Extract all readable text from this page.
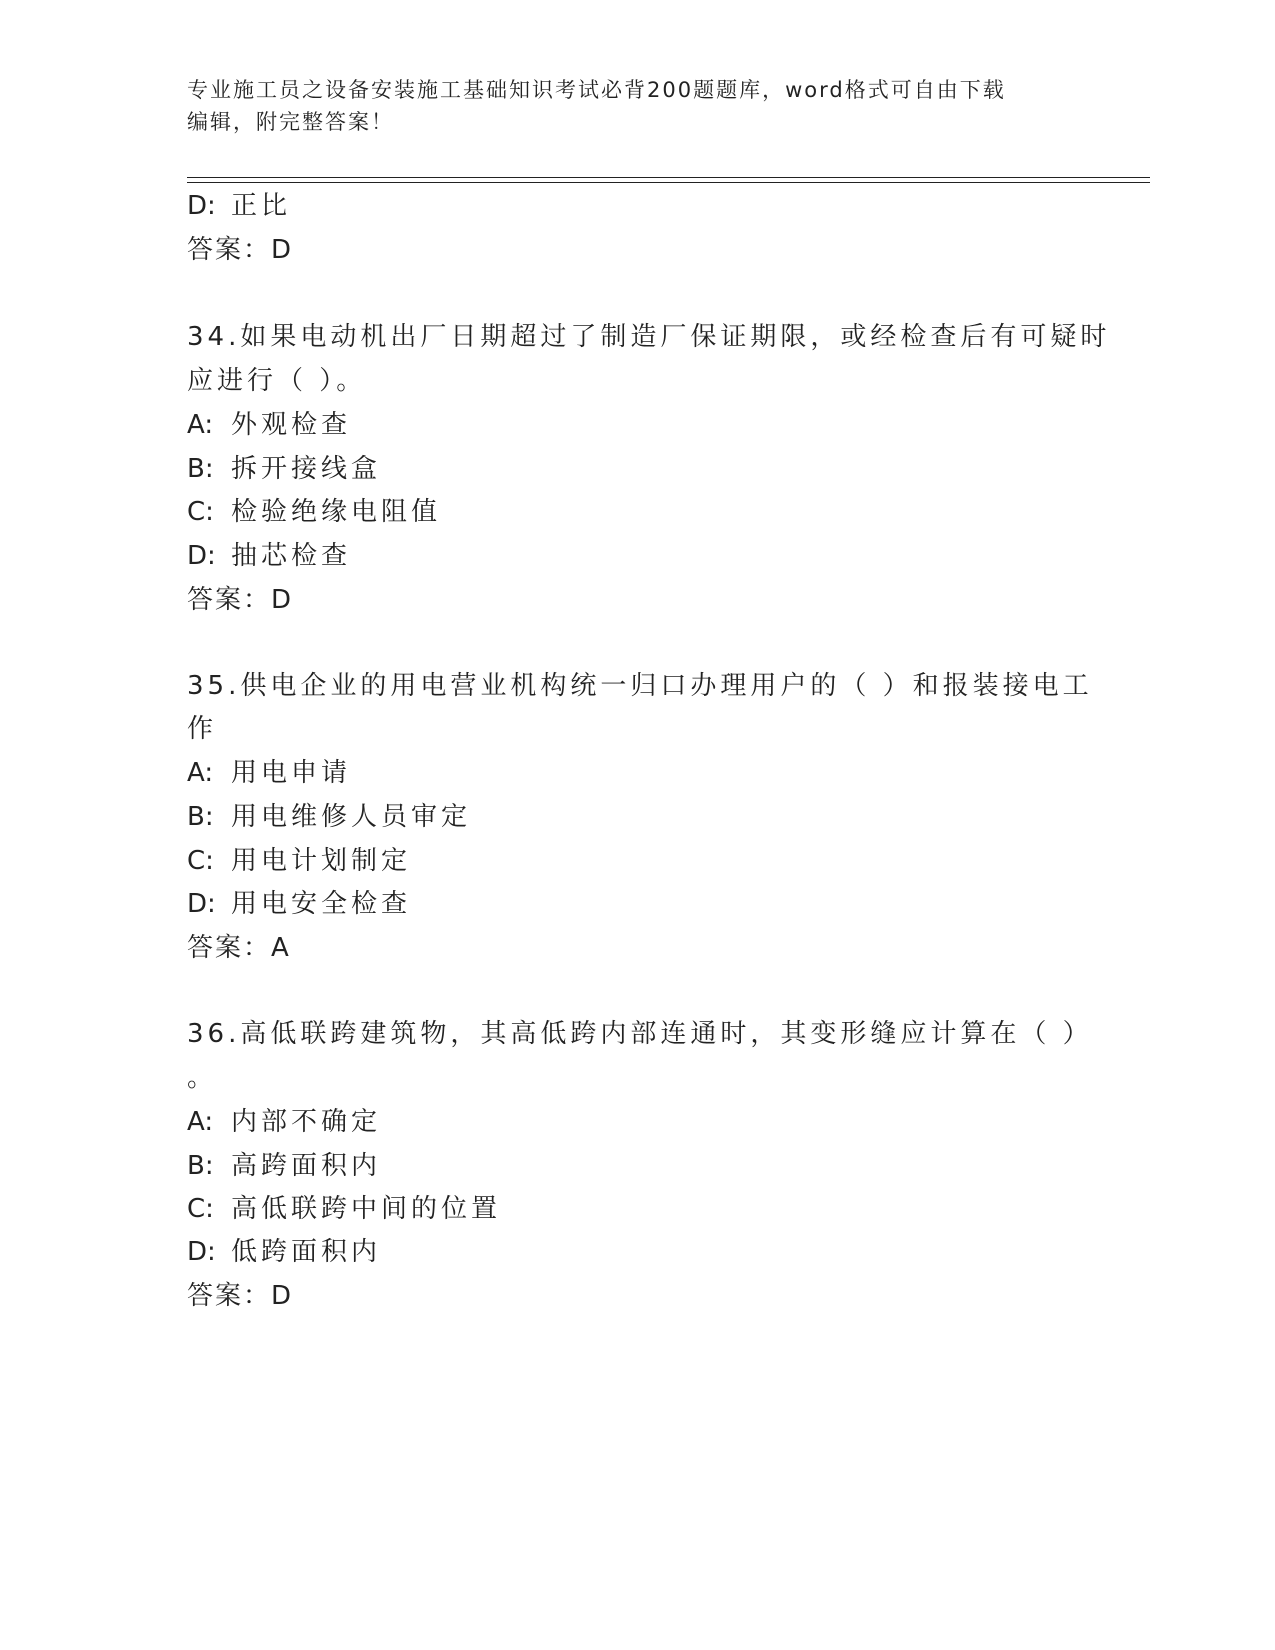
专业施工员之设备安装施工基础知识考试必背200题题库，word格式可自由下载
编辑，附完整答案！
D: 正比
答案：D
34.如果电动机出厂日期超过了制造厂保证期限，或经检查后有可疑时
应进行（ ）。
A: 外观检查
B: 拆开接线盒
C: 检验绝缘电阻值
D: 抽芯检查
答案：D
35.供电企业的用电营业机构统一归口办理用户的（ ）和报装接电工
作
A: 用电申请
B: 用电维修人员审定
C: 用电计划制定
D: 用电安全检查
答案：A
36.高低联跨建筑物，其高低跨内部连通时，其变形缝应计算在（ ）
。
A: 内部不确定
B: 高跨面积内
C: 高低联跨中间的位置
D: 低跨面积内
答案：D
